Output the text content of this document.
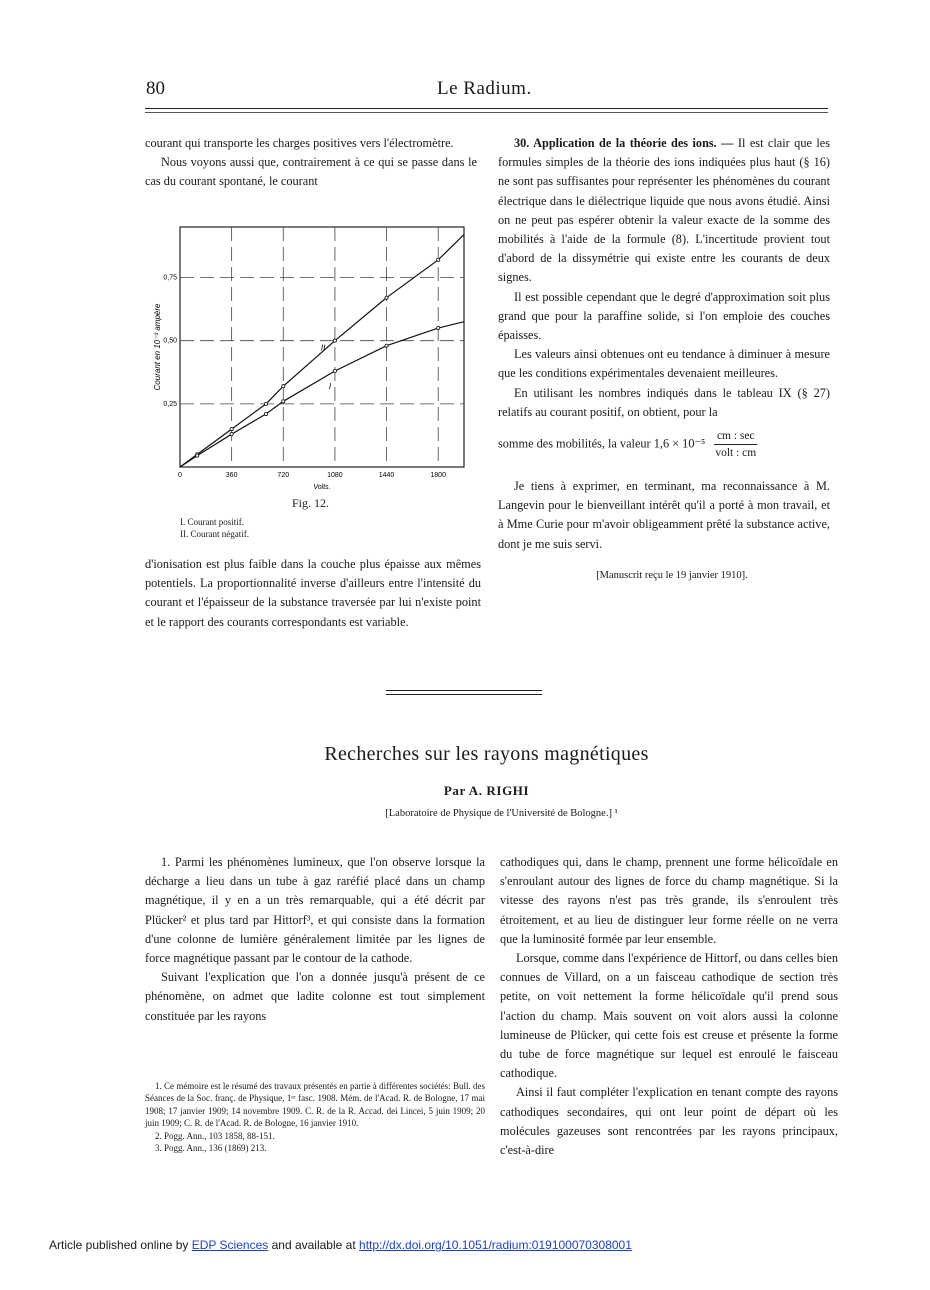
80	Le Radium.

courant qui transporte les charges positives vers l'électromètre.

Nous voyons aussi que, contrairement à ce qui se passe dans le cas du courant spontané, le courant

0	360	720	1080	1440	1800
0,25
0,50
0,75
Volts.
Courant en 10⁻³ ampère	II
I
Fig. 12.
I. Courant positif.
II. Courant négatif.

d'ionisation est plus faible dans la couche plus épaisse aux mêmes potentiels. La proportionnalité inverse d'ailleurs entre l'intensité du courant et l'épaisseur de la substance traversée par lui n'existe point et le rapport des courants correspondants est variable.

30. Application de la théorie des ions. — Il est clair que les formules simples de la théorie des ions indiquées plus haut (§ 16) ne sont pas suffisantes pour représenter les phénomènes du courant électrique dans le diélectrique liquide que nous avons étudié. Ainsi on ne peut pas espérer obtenir la valeur exacte de la somme des mobilités à l'aide de la formule (8). L'incertitude provient tout d'abord de la dissymétrie qui existe entre les courants de deux signes.

Il est possible cependant que le degré d'approximation soit plus grand que pour la paraffine solide, si l'on emploie des couches épaisses.

Les valeurs ainsi obtenues ont eu tendance à diminuer à mesure que les conditions expérimentales devenaient meilleures.

En utilisant les nombres indiqués dans le tableau IX (§ 27) relatifs au courant positif, on obtient, pour la

somme des mobilités, la valeur 1,6 × 10⁻⁵
cm : sec
volt : cm

Je tiens à exprimer, en terminant, ma reconnaissance à M. Langevin pour le bienveillant intérêt qu'il a porté à mon travail, et à Mme Curie pour m'avoir obligeamment prêté la substance active, dont je me suis servi.

[Manuscrit reçu le 19 janvier 1910].

Recherches sur les rayons magnétiques
Par A. RIGHI
[Laboratoire de Physique de l'Université de Bologne.] ¹

1. Parmi les phénomènes lumineux, que l'on observe lorsque la décharge a lieu dans un tube à gaz raréfié placé dans un champ magnétique, il y en a un très remarquable, qui a été décrit par Plücker² et plus tard par Hittorf³, et qui consiste dans la formation d'une colonne de lumière généralement limitée par les lignes de force magnétique passant par le contour de la cathode.

Suivant l'explication que l'on a donnée jusqu'à présent de ce phénomène, on admet que ladite colonne est tout simplement constituée par les rayons

1. Ce mémoire est le résumé des travaux présentés en partie à différentes sociétés: Bull. des Séances de la Soc. franç. de Physique, 1ᵉʳ fasc. 1908. Mém. de l'Acad. R. de Bologne, 17 mai 1908; 17 janvier 1909; 14 novembre 1909. C. R. de la R. Accad. dei Lincei, 5 juin 1909; 20 juin 1909; C. R. de l'Acad. R. de Bologne, 16 janvier 1910.

2. Pogg. Ann., 103 1858, 88-151.

3. Pogg. Ann., 136 (1869) 213.

cathodiques qui, dans le champ, prennent une forme hélicoïdale en s'enroulant autour des lignes de force du champ magnétique. Si la vitesse des rayons n'est pas très grande, ils s'enroulent très étroitement, et au lieu de distinguer leur forme réelle on ne verra que la luminosité formée par leur ensemble.

Lorsque, comme dans l'expérience de Hittorf, ou dans celles bien connues de Villard, on a un faisceau cathodique de section très petite, on voit nettement la forme hélicoïdale qu'il prend sous l'action du champ. Mais souvent on voit alors aussi la colonne lumineuse de Plücker, qui cette fois est creuse et présente la forme du tube de force magnétique sur lequel est enroulé le faisceau cathodique.

Ainsi il faut compléter l'explication en tenant compte des rayons cathodiques secondaires, qui ont leur point de départ où les molécules gazeuses sont rencontrées par les rayons principaux, c'est-à-dire

Article published online by EDP Sciences and available at http://dx.doi.org/10.1051/radium:019100070308001
